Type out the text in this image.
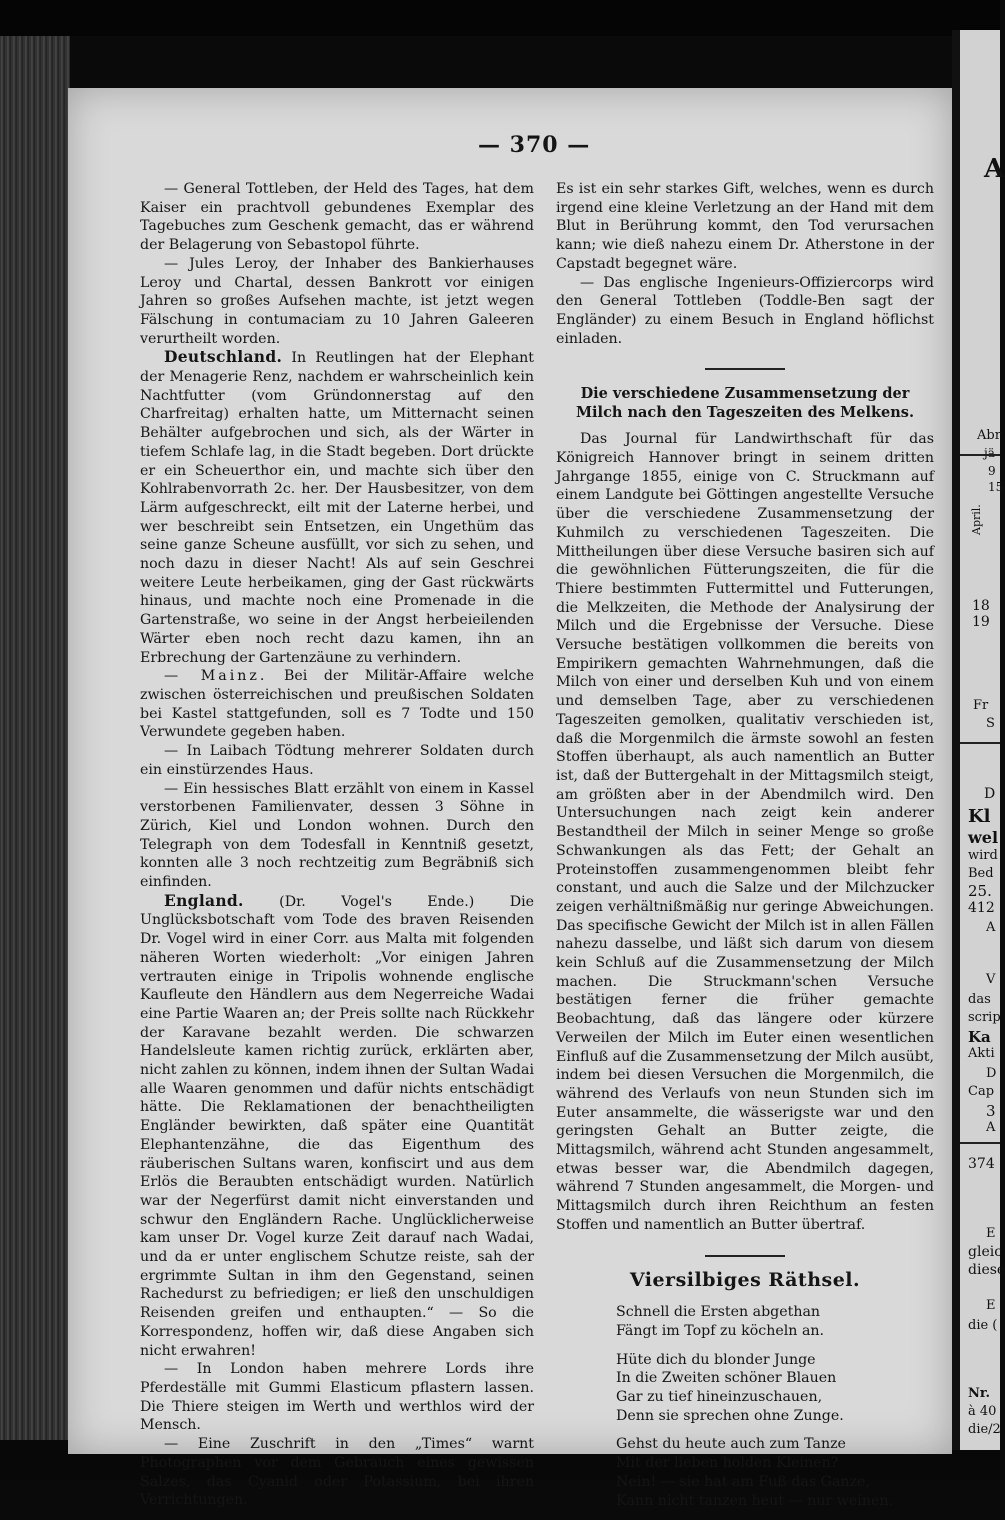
— 370 —

— General Tottleben, der Held des Tages, hat dem Kaiser ein prachtvoll gebundenes Exemplar des Tagebuches zum Geschenk gemacht, das er während der Belagerung von Sebastopol führte.

— Jules Leroy, der Inhaber des Bankierhauses Leroy und Chartal, dessen Bankrott vor einigen Jahren so großes Aufsehen machte, ist jetzt wegen Fälschung in contumaciam zu 10 Jahren Galeeren verurtheilt worden.

Deutschland. In Reutlingen hat der Elephant der Menagerie Renz, nachdem er wahrscheinlich kein Nachtfutter (vom Gründonnerstag auf den Charfreitag) erhalten hatte, um Mitternacht seinen Behälter aufgebrochen und sich, als der Wärter in tiefem Schlafe lag, in die Stadt begeben. Dort drückte er ein Scheuerthor ein, und machte sich über den Kohlrabenvorrath 2c. her. Der Hausbesitzer, von dem Lärm aufgeschreckt, eilt mit der Laterne herbei, und wer beschreibt sein Entsetzen, ein Ungethüm das seine ganze Scheune ausfüllt, vor sich zu sehen, und noch dazu in dieser Nacht! Als auf sein Geschrei weitere Leute herbeikamen, ging der Gast rückwärts hinaus, und machte noch eine Promenade in die Gartenstraße, wo seine in der Angst herbeieilenden Wärter eben noch recht dazu kamen, ihn an Erbrechung der Gartenzäune zu verhindern.

— Mainz. Bei der Militär-Affaire welche zwischen österreichischen und preußischen Soldaten bei Kastel stattgefunden, soll es 7 Todte und 150 Verwundete gegeben haben.

— In Laibach Tödtung mehrerer Soldaten durch ein einstürzendes Haus.

— Ein hessisches Blatt erzählt von einem in Kassel verstorbenen Familienvater, dessen 3 Söhne in Zürich, Kiel und London wohnen. Durch den Telegraph von dem Todesfall in Kenntniß gesetzt, konnten alle 3 noch rechtzeitig zum Begräbniß sich einfinden.

England. (Dr. Vogel's Ende.) Die Unglücksbotschaft vom Tode des braven Reisenden Dr. Vogel wird in einer Corr. aus Malta mit folgenden näheren Worten wiederholt: „Vor einigen Jahren vertrauten einige in Tripolis wohnende englische Kaufleute den Händlern aus dem Negerreiche Wadai eine Partie Waaren an; der Preis sollte nach Rückkehr der Karavane bezahlt werden. Die schwarzen Handelsleute kamen richtig zurück, erklärten aber, nicht zahlen zu können, indem ihnen der Sultan Wadai alle Waaren genommen und dafür nichts entschädigt hätte. Die Reklamationen der benachtheiligten Engländer bewirkten, daß später eine Quantität Elephantenzähne, die das Eigenthum des räuberischen Sultans waren, konfiscirt und aus dem Erlös die Beraubten entschädigt wurden. Natürlich war der Negerfürst damit nicht einverstanden und schwur den Engländern Rache. Unglücklicherweise kam unser Dr. Vogel kurze Zeit darauf nach Wadai, und da er unter englischem Schutze reiste, sah der ergrimmte Sultan in ihm den Gegenstand, seinen Rachedurst zu befriedigen; er ließ den unschuldigen Reisenden greifen und enthaupten.“ — So die Korrespondenz, hoffen wir, daß diese Angaben sich nicht erwahren!

— In London haben mehrere Lords ihre Pferdeställe mit Gummi Elasticum pflastern lassen. Die Thiere steigen im Werth und werthlos wird der Mensch.

— Eine Zuschrift in den „Times“ warnt Photographen vor dem Gebrauch eines gewissen Salzes, das Cyanid oder Potassium, bei ihren Verrichtungen.

Es ist ein sehr starkes Gift, welches, wenn es durch irgend eine kleine Verletzung an der Hand mit dem Blut in Berührung kommt, den Tod verursachen kann; wie dieß nahezu einem Dr. Atherstone in der Capstadt begegnet wäre.

— Das englische Ingenieurs-Offiziercorps wird den General Tottleben (Toddle-Ben sagt der Engländer) zu einem Besuch in England höflichst einladen.

Die verschiedene Zusammensetzung der Milch nach den Tageszeiten des Melkens.

Das Journal für Landwirthschaft für das Königreich Hannover bringt in seinem dritten Jahrgange 1855, einige von C. Struckmann auf einem Landgute bei Göttingen angestellte Versuche über die verschiedene Zusammensetzung der Kuhmilch zu verschiedenen Tageszeiten. Die Mittheilungen über diese Versuche basiren sich auf die gewöhnlichen Fütterungszeiten, die für die Thiere bestimmten Futtermittel und Futterungen, die Melkzeiten, die Methode der Analysirung der Milch und die Ergebnisse der Versuche. Diese Versuche bestätigen vollkommen die bereits von Empirikern gemachten Wahrnehmungen, daß die Milch von einer und derselben Kuh und von einem und demselben Tage, aber zu verschiedenen Tageszeiten gemolken, qualitativ verschieden ist, daß die Morgenmilch die ärmste sowohl an festen Stoffen überhaupt, als auch namentlich an Butter ist, daß der Buttergehalt in der Mittagsmilch steigt, am größten aber in der Abendmilch wird. Den Untersuchungen nach zeigt kein anderer Bestandtheil der Milch in seiner Menge so große Schwankungen als das Fett; der Gehalt an Proteinstoffen zusammengenommen bleibt fehr constant, und auch die Salze und der Milchzucker zeigen verhältnißmäßig nur geringe Abweichungen. Das specifische Gewicht der Milch ist in allen Fällen nahezu dasselbe, und läßt sich darum von diesem kein Schluß auf die Zusammensetzung der Milch machen. Die Struckmann'schen Versuche bestätigen ferner die früher gemachte Beobachtung, daß das längere oder kürzere Verweilen der Milch im Euter einen wesentlichen Einfluß auf die Zusammensetzung der Milch ausübt, indem bei diesen Versuchen die Morgenmilch, die während des Verlaufs von neun Stunden sich im Euter ansammelte, die wässerigste war und den geringsten Gehalt an Butter zeigte, die Mittagsmilch, während acht Stunden angesammelt, etwas besser war, die Abendmilch dagegen, während 7 Stunden angesammelt, die Morgen- und Mittagsmilch durch ihren Reichthum an festen Stoffen und namentlich an Butter übertraf.

Viersilbiges Räthsel.
Schnell die Ersten abgethan
Fängt im Topf zu köcheln an.
Hüte dich du blonder Junge
In die Zweiten schöner Blauen
Gar zu tief hineinzuschauen,
Denn sie sprechen ohne Zunge.
Gehst du heute auch zum Tanze
Mit der lieben holden Kleinen?
Nein! — sie hat am Fuß das Ganze,
Kann nicht tanzen heut — nur weinen.
A
Abr
jä
9
15
April.
18
19
Fr
S
D
Kl
wel
wird
Bed
25.
412
A
V
das
scrip
Ka
Akti
D
Cap
3
A
374
E
gleic
diese
E
die (
Nr.
à 40
die/2
